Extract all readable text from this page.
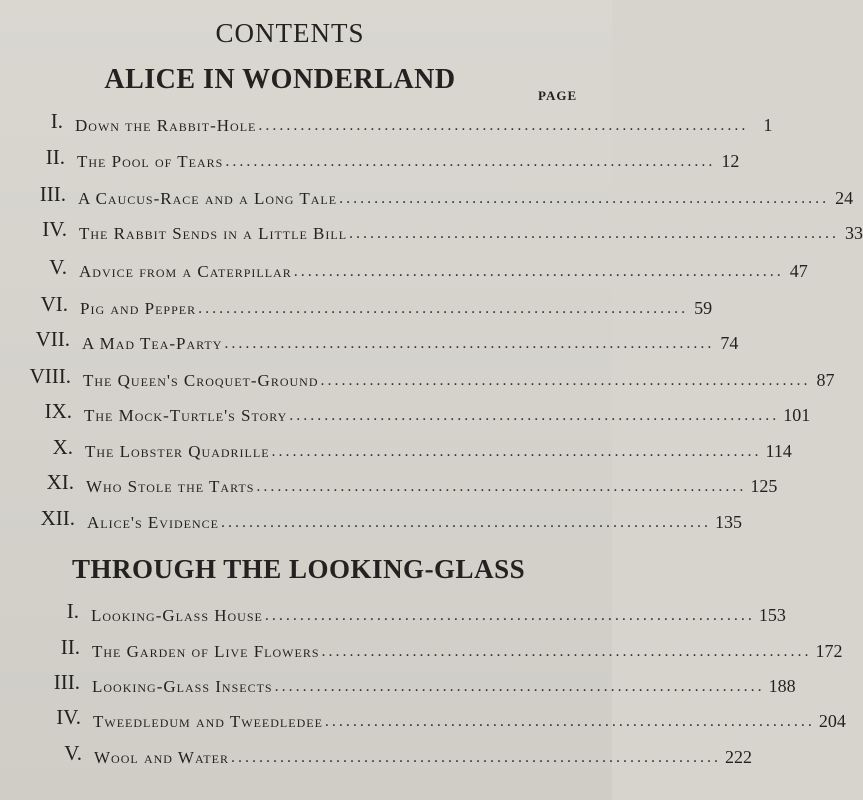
CONTENTS
ALICE IN WONDERLAND
PAGE
I. Down the Rabbit-Hole ...................................................................... 1
II. The Pool of Tears ...................................................................... 12
III. A Caucus-Race and a Long Tale ...................................................................... 24
IV. The Rabbit Sends in a Little Bill ...................................................................... 33
V. Advice from a Caterpillar ...................................................................... 47
VI. Pig and Pepper ...................................................................... 59
VII. A Mad Tea-Party ...................................................................... 74
VIII. The Queen's Croquet-Ground ...................................................................... 87
IX. The Mock-Turtle's Story ...................................................................... 101
X. The Lobster Quadrille ...................................................................... 114
XI. Who Stole the Tarts ...................................................................... 125
XII. Alice's Evidence ...................................................................... 135
THROUGH THE LOOKING-GLASS
I. Looking-Glass House ...................................................................... 153
II. The Garden of Live Flowers ...................................................................... 172
III. Looking-Glass Insects ...................................................................... 188
IV. Tweedledum and Tweedledee ...................................................................... 204
V. Wool and Water ...................................................................... 222
